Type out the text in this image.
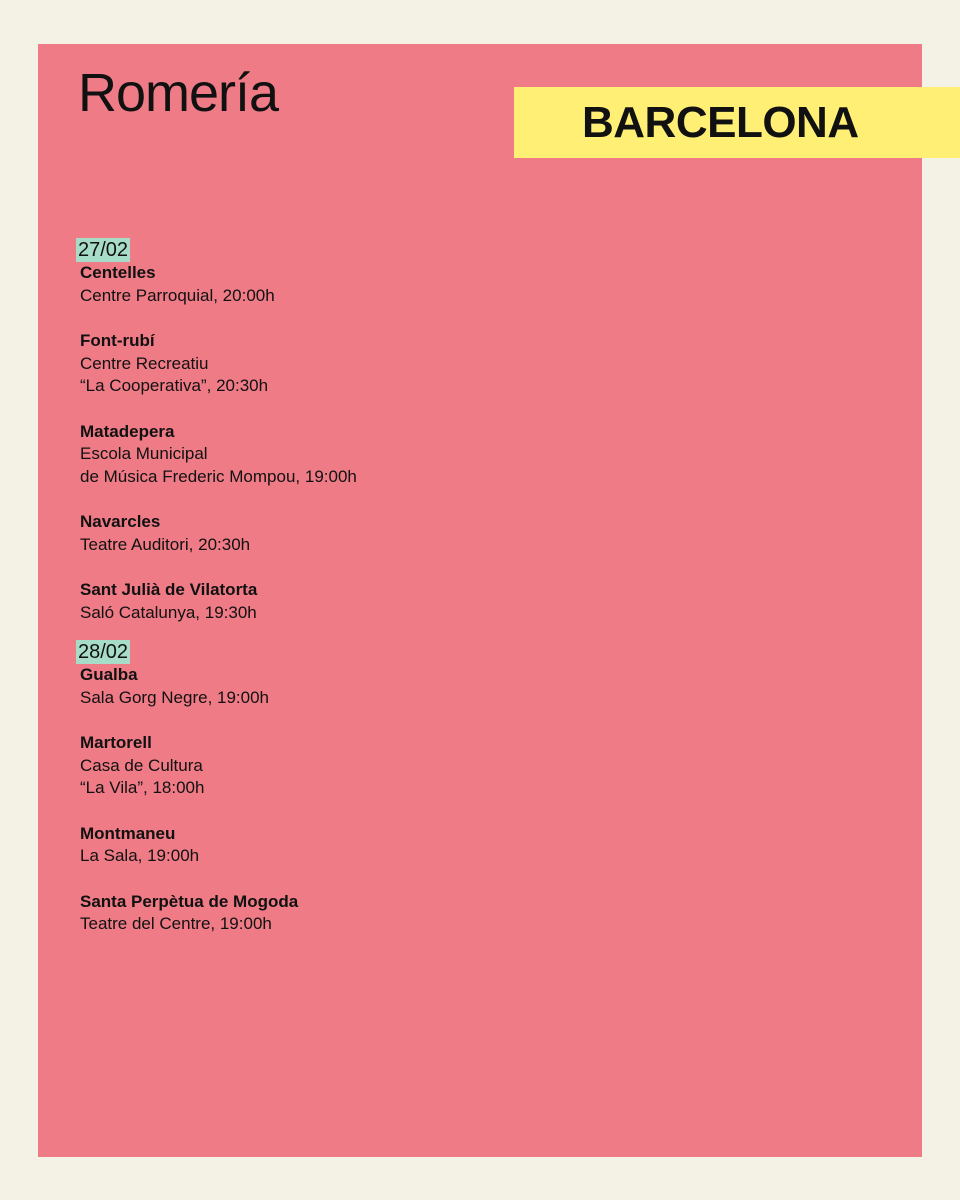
Romería	BARCELONA
27/02
Centelles
Centre Parroquial, 20:00h
Font-rubí
Centre Recreatiu
“La Cooperativa”, 20:30h
Matadepera
Escola Municipal
de Música Frederic Mompou, 19:00h
Navarcles
Teatre Auditori, 20:30h
Sant Julià de Vilatorta
Saló Catalunya, 19:30h
28/02
Gualba
Sala Gorg Negre, 19:00h
Martorell
Casa de Cultura
“La Vila”, 18:00h
Montmaneu
La Sala, 19:00h
Santa Perpètua de Mogoda
Teatre del Centre, 19:00h
